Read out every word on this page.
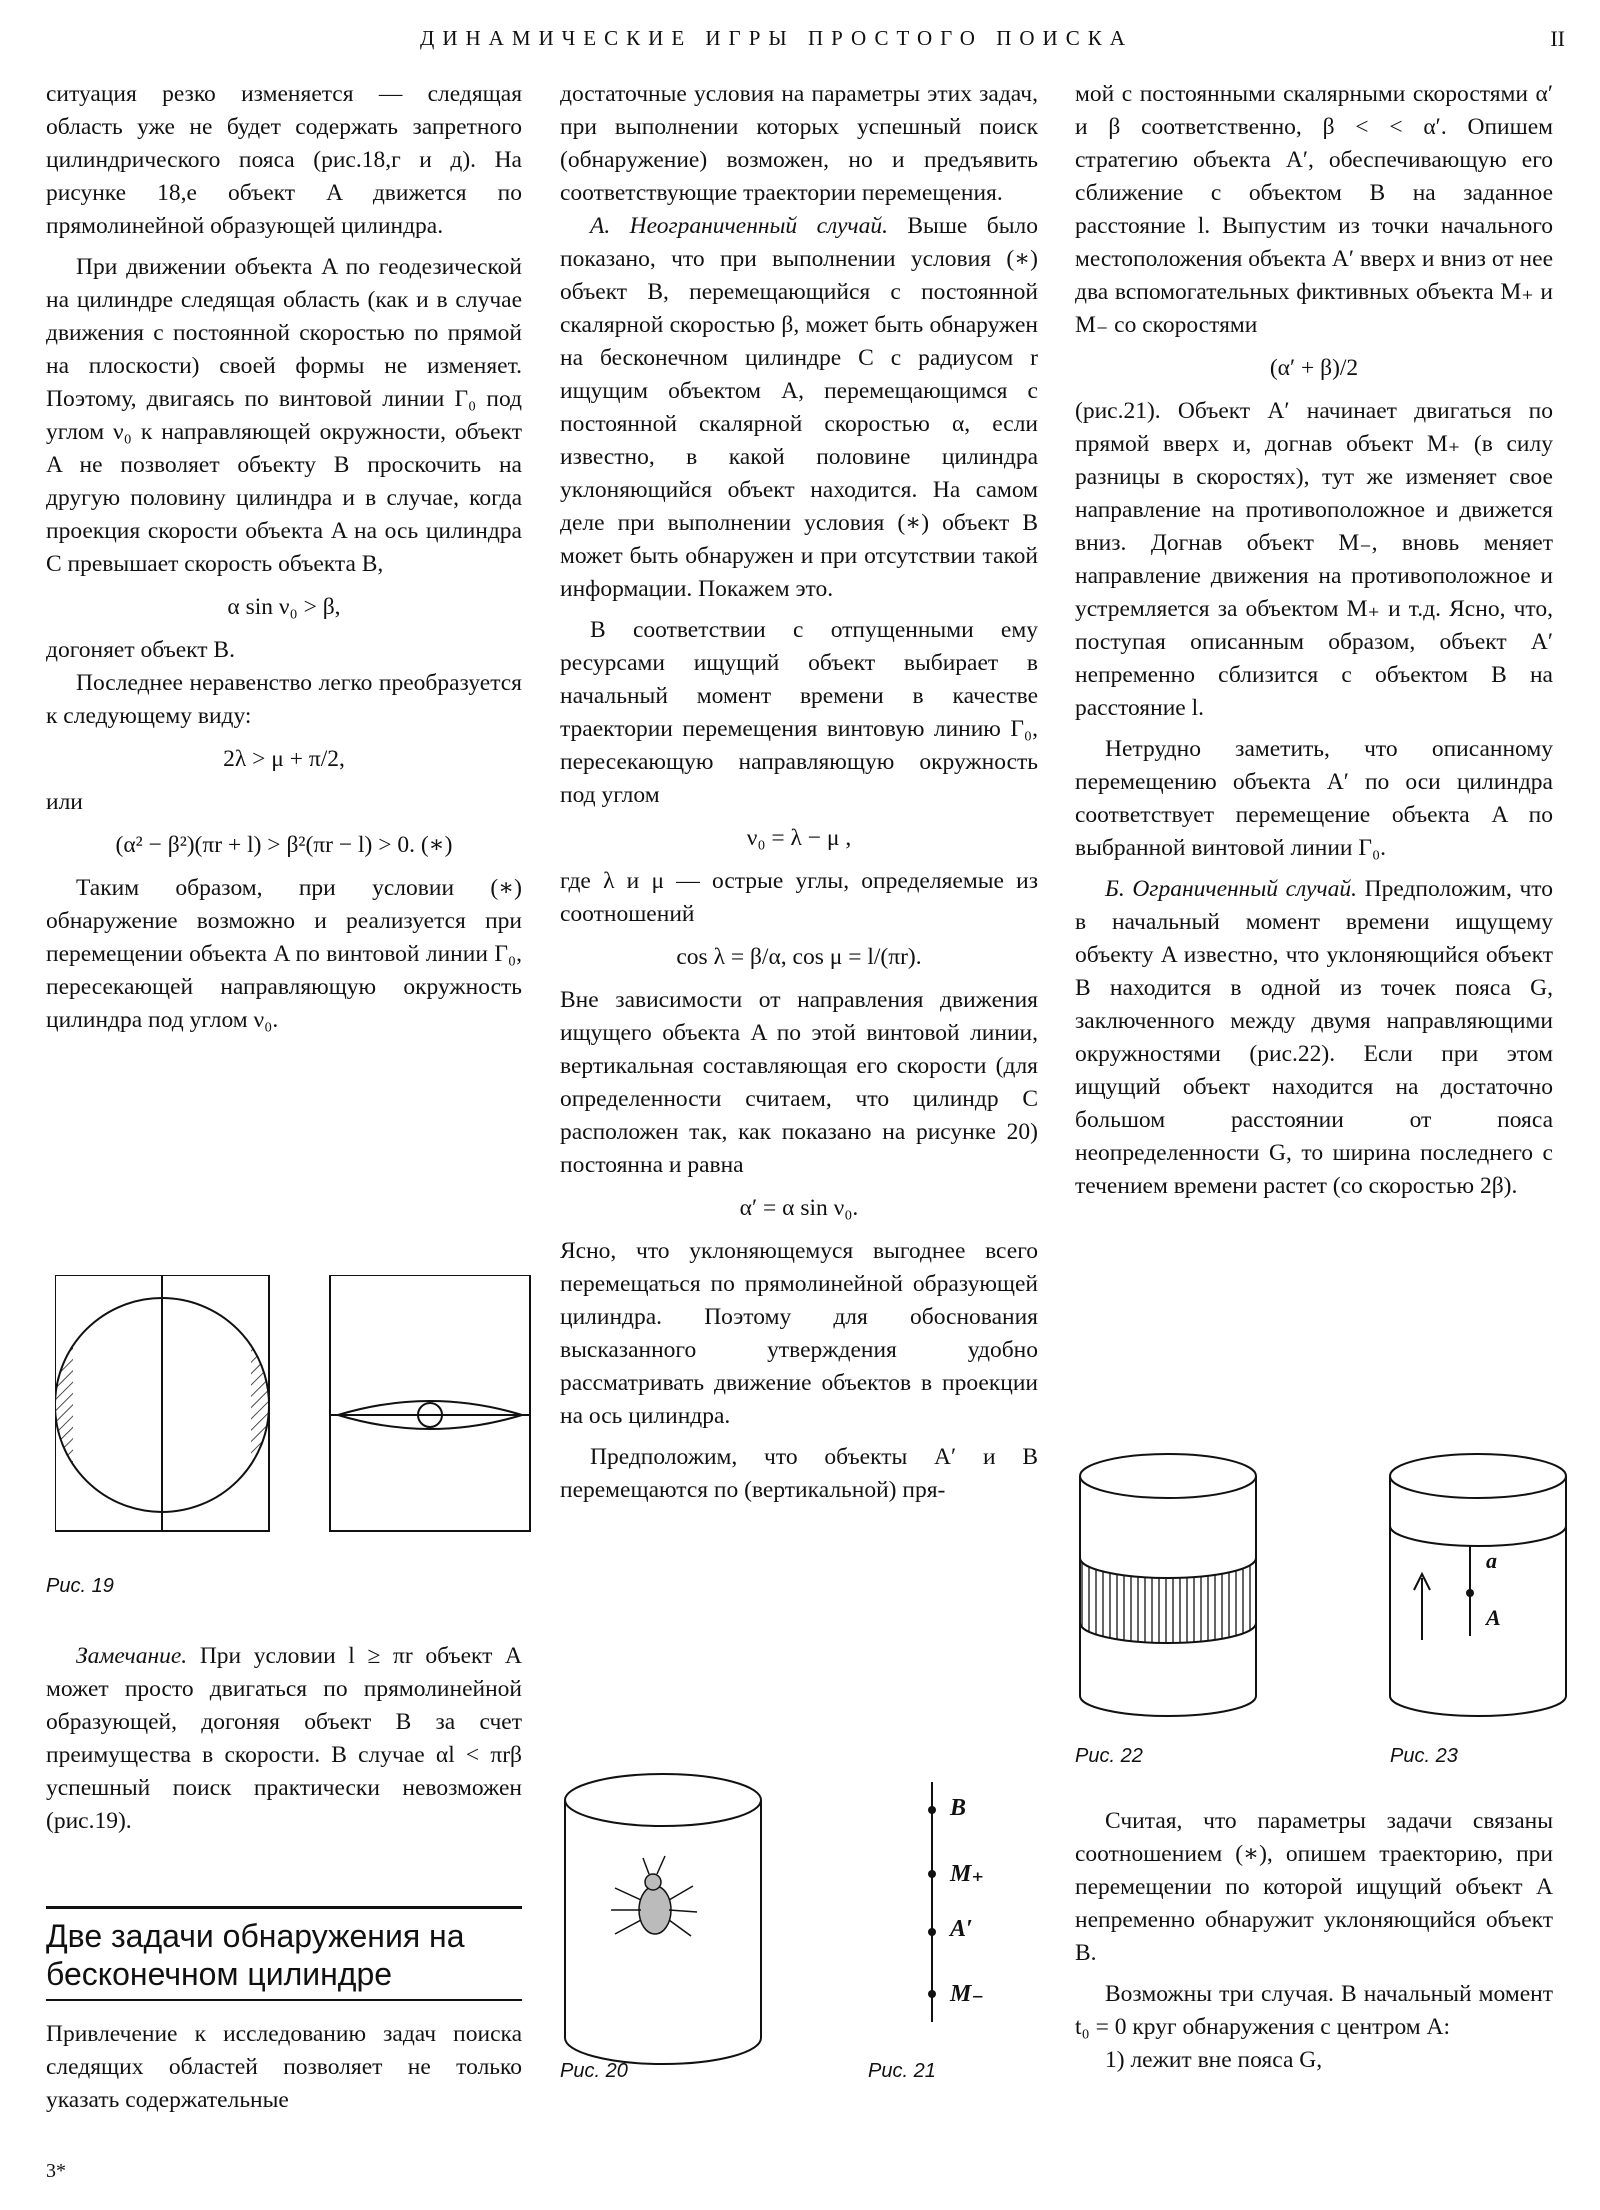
ДИНАМИЧЕСКИЕ ИГРЫ ПРОСТОГО ПОИСКА	II

ситуация резко изменяется — следящая область уже не будет содержать запретного цилиндрического пояса (рис.18,г и д). На рисунке 18,е объект A движется по прямолинейной образующей цилиндра.

При движении объекта A по геодезической на цилиндре следящая область (как и в случае движения с постоянной скоростью по прямой на плоскости) своей формы не изменяет. Поэтому, двигаясь по винтовой линии Γ₀ под углом ν₀ к направляющей окружности, объект A не позволяет объекту B проскочить на другую половину цилиндра и в случае, когда проекция скорости объекта A на ось цилиндра C превышает скорость объекта B,

α sin ν₀ > β,

догоняет объект B.

Последнее неравенство легко преобразуется к следующему виду:

2λ > μ + π/2,

или

(α² − β²)(πr + l) > β²(πr − l) > 0. (∗)

Таким образом, при условии (∗) обнаружение возможно и реализуется при перемещении объекта A по винтовой линии Γ₀, пересекающей направляющую окружность цилиндра под углом ν₀.

Рис. 19

Замечание. При условии l ≥ πr объект A может просто двигаться по прямолинейной образующей, догоняя объект B за счет преимущества в скорости. В случае αl < πrβ успешный поиск практически невозможен (рис.19).

Две задачи обнаружения на бесконечном цилиндре

Привлечение к исследованию задач поиска следящих областей позволяет не только указать содержательные

3*

достаточные условия на параметры этих задач, при выполнении которых успешный поиск (обнаружение) возможен, но и предъявить соответствующие траектории перемещения.

А. Неограниченный случай. Выше было показано, что при выполнении условия (∗) объект B, перемещающийся с постоянной скалярной скоростью β, может быть обнаружен на бесконечном цилиндре C с радиусом r ищущим объектом A, перемещающимся с постоянной скалярной скоростью α, если известно, в какой половине цилиндра уклоняющийся объект находится. На самом деле при выполнении условия (∗) объект B может быть обнаружен и при отсутствии такой информации. Покажем это.

В соответствии с отпущенными ему ресурсами ищущий объект выбирает в начальный момент времени в качестве траектории перемещения винтовую линию Γ₀, пересекающую направляющую окружность под углом

ν₀ = λ − μ ,

где λ и μ — острые углы, определяемые из соотношений

cos λ = β/α, cos μ = l/(πr).

Вне зависимости от направления движения ищущего объекта A по этой винтовой линии, вертикальная составляющая его скорости (для определенности считаем, что цилиндр C расположен так, как показано на рисунке 20) постоянна и равна

α′ = α sin ν₀.

Ясно, что уклоняющемуся выгоднее всего перемещаться по прямолинейной образующей цилиндра. Поэтому для обоснования высказанного утверждения удобно рассматривать движение объектов в проекции на ось цилиндра.

Предположим, что объекты A′ и B перемещаются по (вертикальной) пря-

Рис. 20
B
M₊
A′
M₋
Рис. 21

мой с постоянными скалярными скоростями α′ и β соответственно, β < < α′. Опишем стратегию объекта A′, обеспечивающую его сближение с объектом B на заданное расстояние l. Выпустим из точки начального местоположения объекта A′ вверх и вниз от нее два вспомогательных фиктивных объекта M₊ и M₋ со скоростями

(α′ + β)/2

(рис.21). Объект A′ начинает двигаться по прямой вверх и, догнав объект M₊ (в силу разницы в скоростях), тут же изменяет свое направление на противоположное и движется вниз. Догнав объект M₋, вновь меняет направление движения на противоположное и устремляется за объектом M₊ и т.д. Ясно, что, поступая описанным образом, объект A′ непременно сблизится с объектом B на расстояние l.

Нетрудно заметить, что описанному перемещению объекта A′ по оси цилиндра соответствует перемещение объекта A по выбранной винтовой линии Γ₀.

Б. Ограниченный случай. Предположим, что в начальный момент времени ищущему объекту A известно, что уклоняющийся объект B находится в одной из точек пояса G, заключенного между двумя направляющими окружностями (рис.22). Если при этом ищущий объект находится на достаточно большом расстоянии от пояса неопределенности G, то ширина последнего с течением времени растет (со скоростью 2β).

Рис. 22
a
A
Рис. 23

Считая, что параметры задачи связаны соотношением (∗), опишем траекторию, при перемещении по которой ищущий объект A непременно обнаружит уклоняющийся объект B.

Возможны три случая. В начальный момент t₀ = 0 круг обнаружения с центром A:

1) лежит вне пояса G,
